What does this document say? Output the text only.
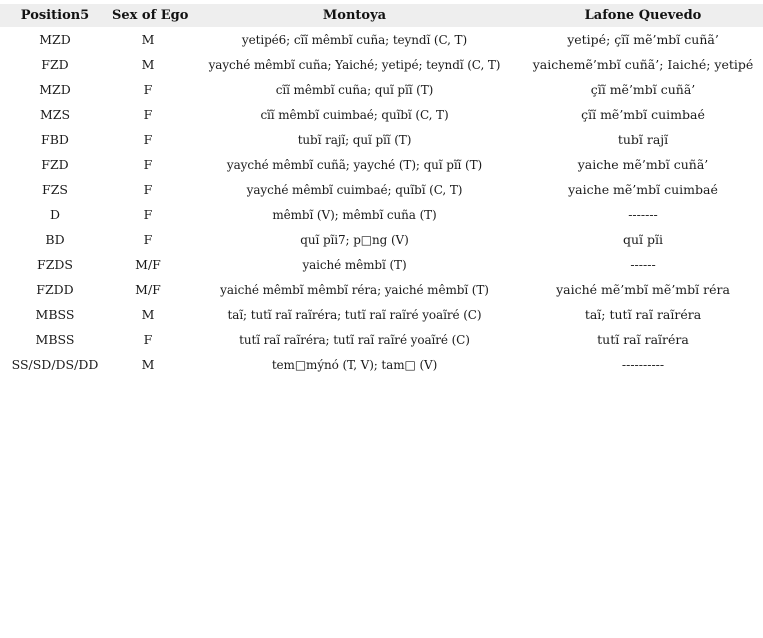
Position5	Sex of Ego	Montoya	Lafone Quevedo
MZD	M	yetipé6; cĩĩ mêmbĩ cuña; teyndĩ (C, T)	yetipé; çĩĩ mẽ’mbĩ cuñã’
FZD	M	yayché mêmbĩ cuña; Yaiché; yetipé; teyndĩ (C, T)	yaichemẽ’mbĩ cuñã’; Iaiché; yetipé
MZD	F	cĩĩ mêmbĩ cuña; quĩ pĩĩ (T)	çĩĩ mẽ’mbĩ cuñã’
MZS	F	cĩĩ mêmbĩ cuimbaé; quĩbĩ (C, T)	çĩĩ mẽ’mbĩ cuimbaé
FBD	F	tubĩ rajĩ; quĩ pĩĩ (T)	tubĩ rajĩ
FZD	F	yayché mêmbĩ cuñã; yayché (T); quĩ pĩĩ (T)	yaiche mẽ’mbĩ cuñã’
FZS	F	yayché mêmbĩ cuimbaé; quĩbĩ (C, T)	yaiche mẽ’mbĩ cuimbaé
D	F	mêmbĩ (V); mêmbĩ cuña (T)	-------
BD	F	quĩ pĩi7; p□ng (V)	quĩ pĩi
FZDS	M/F	yaiché mêmbĩ (T)	------
FZDD	M/F	yaiché mêmbĩ mêmbĩ réra; yaiché mêmbĩ (T)	yaiché mẽ’mbĩ mẽ’mbĩ réra
MBSS	M	taĩ; tutĩ raĩ raĩréra; tutĩ raĩ raĩré yoaĩré (C)	taĩ; tutĩ raĩ raĩréra
MBSS	F	tutĩ raĩ raĩréra; tutĩ raĩ raĩré yoaĩré (C)	tutĩ raĩ raĩréra
SS/SD/DS/DD	M	tem□mýnó (T, V); tam□ (V)	----------
